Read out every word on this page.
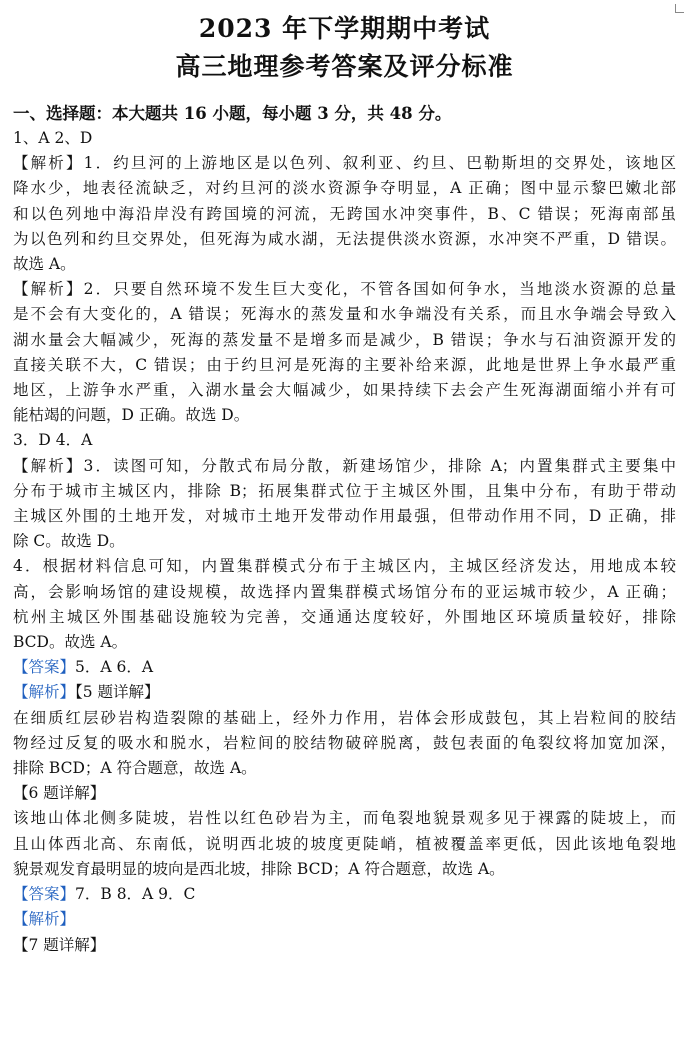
2023 年下学期期中考试
高三地理参考答案及评分标准
一、选择题：本大题共 16 小题，每小题 3 分，共 48 分。
1、A 2、D
【解析】1．约旦河的上游地区是以色列、叙利亚、约旦、巴勒斯坦的交界处，该地区
降水少，地表径流缺乏，对约旦河的淡水资源争夺明显，A 正确；图中显示黎巴嫩北部
和以色列地中海沿岸没有跨国境的河流，无跨国水冲突事件，B、C 错误；死海南部虽
为以色列和约旦交界处，但死海为咸水湖，无法提供淡水资源，水冲突不严重，D 错误。
故选 A。
【解析】2．只要自然环境不发生巨大变化，不管各国如何争水，当地淡水资源的总量
是不会有大变化的，A 错误；死海水的蒸发量和水争端没有关系，而且水争端会导致入
湖水量会大幅减少，死海的蒸发量不是增多而是减少，B 错误；争水与石油资源开发的
直接关联不大，C 错误；由于约旦河是死海的主要补给来源，此地是世界上争水最严重
地区，上游争水严重，入湖水量会大幅减少，如果持续下去会产生死海湖面缩小并有可
能枯竭的问题，D 正确。故选 D。
3．D 4．A
【解析】3．读图可知，分散式布局分散，新建场馆少，排除 A；内置集群式主要集中
分布于城市主城区内，排除 B；拓展集群式位于主城区外围，且集中分布，有助于带动
主城区外围的土地开发，对城市土地开发带动作用最强，但带动作用不同，D 正确，排
除 C。故选 D。
4．根据材料信息可知，内置集群模式分布于主城区内，主城区经济发达，用地成本较
高，会影响场馆的建设规模，故选择内置集群模式场馆分布的亚运城市较少，A 正确；
杭州主城区外围基础设施较为完善，交通通达度较好，外围地区环境质量较好，排除
BCD。故选 A。
【答案】5．A 6．A
【解析】【5 题详解】
在细质红层砂岩构造裂隙的基础上，经外力作用，岩体会形成鼓包，其上岩粒间的胶结
物经过反复的吸水和脱水，岩粒间的胶结物破碎脱离，鼓包表面的龟裂纹将加宽加深，
排除 BCD；A 符合题意，故选 A。
【6 题详解】
该地山体北侧多陡坡，岩性以红色砂岩为主，而龟裂地貌景观多见于裸露的陡坡上，而
且山体西北高、东南低，说明西北坡的坡度更陡峭，植被覆盖率更低，因此该地龟裂地
貌景观发育最明显的坡向是西北坡，排除 BCD；A 符合题意，故选 A。
【答案】7．B 8．A 9．C
【解析】
【7 题详解】
